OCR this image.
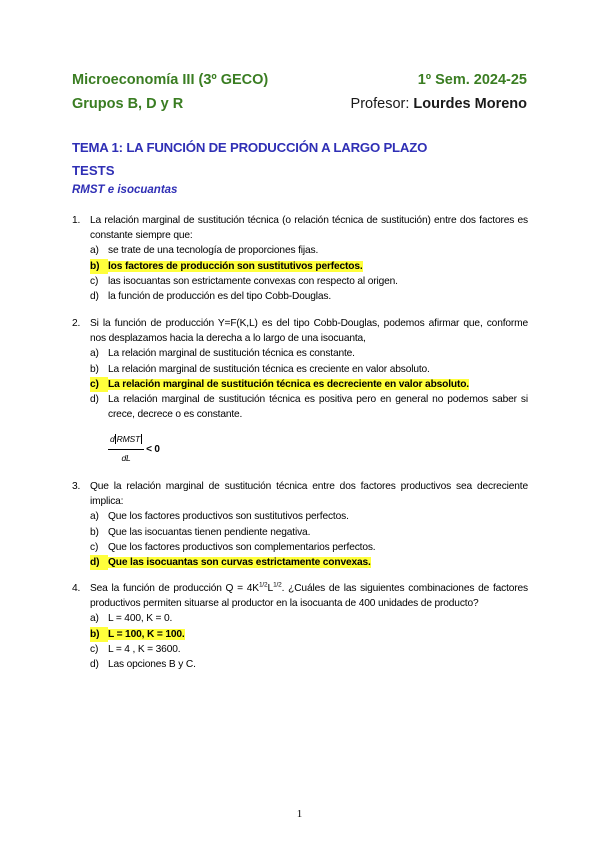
Microeconomía III (3º GECO)	1º Sem. 2024-25
Grupos B, D y R	Profesor: Lourdes Moreno
TEMA 1: LA FUNCIÓN DE PRODUCCIÓN A LARGO PLAZO
TESTS
RMST e isocuantas
1. La relación marginal de sustitución técnica (o relación técnica de sustitución) entre dos factores es constante siempre que:
a) se trate de una tecnología de proporciones fijas.
b) los factores de producción son sustitutivos perfectos.
c) las isocuantas son estrictamente convexas con respecto al origen.
d) la función de producción es del tipo Cobb-Douglas.
2. Si la función de producción Y=F(K,L) es del tipo Cobb-Douglas, podemos afirmar que, conforme nos desplazamos hacia la derecha a lo largo de una isocuanta,
a) La relación marginal de sustitución técnica es constante.
b) La relación marginal de sustitución técnica es creciente en valor absoluto.
c) La relación marginal de sustitución técnica es decreciente en valor absoluto.
d) La relación marginal de sustitución técnica es positiva pero en general no podemos saber si crece, decrece o es constante.
$\frac{\text{d RMST}}{dL} < 0$
3. Que la relación marginal de sustitución técnica entre dos factores productivos sea decreciente implica:
a) Que los factores productivos son sustitutivos perfectos.
b) Que las isocuantas tienen pendiente negativa.
c) Que los factores productivos son complementarios perfectos.
d) Que las isocuantas son curvas estrictamente convexas.
4. Sea la función de producción $Q = 4K^{1/2}L^{1/2}$. ¿Cuáles de las siguientes combinaciones de factores productivos permiten situarse al productor en la isocuanta de 400 unidades de producto?
a) L = 400, K = 0.
b) L = 100, K = 100.
c) L = 4 , K = 3600.
d) Las opciones B y C.
1
